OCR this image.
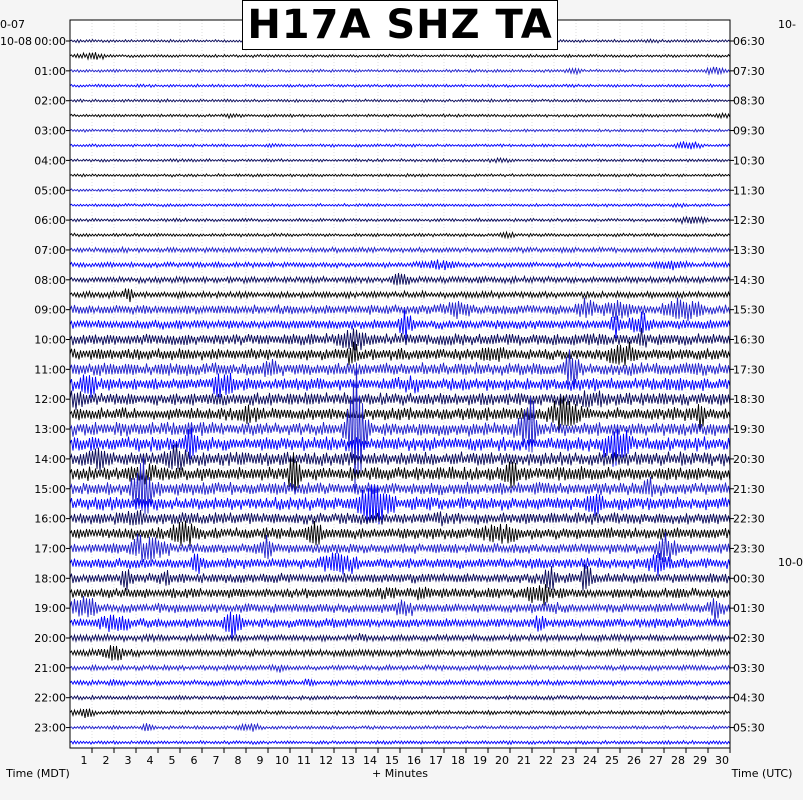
1 2 3 4 5 6 7 8 9 10 11 12 13 14 15 16 17 18 19 20 21 22 23 24 25 26 27 28 29 30
00:00
01:00
02:00
03:00
04:00
05:00
06:00
07:00
08:00
09:00
10:00
11:00
12:00
13:00
14:00
15:00
16:00
17:00
18:00
19:00
20:00
21:00
22:00
23:00
06:30
07:30
08:30
09:30
10:30
11:30
12:30
13:30
14:30
15:30
16:30
17:30
18:30
19:30
20:30
21:30
22:30
23:30
00:30
01:30
02:30
03:30
04:30
05:30
+ Minutes
Time (MDT)	Time (UTC)
H17A SHZ TA
0-07
10-08
10-
10-0
